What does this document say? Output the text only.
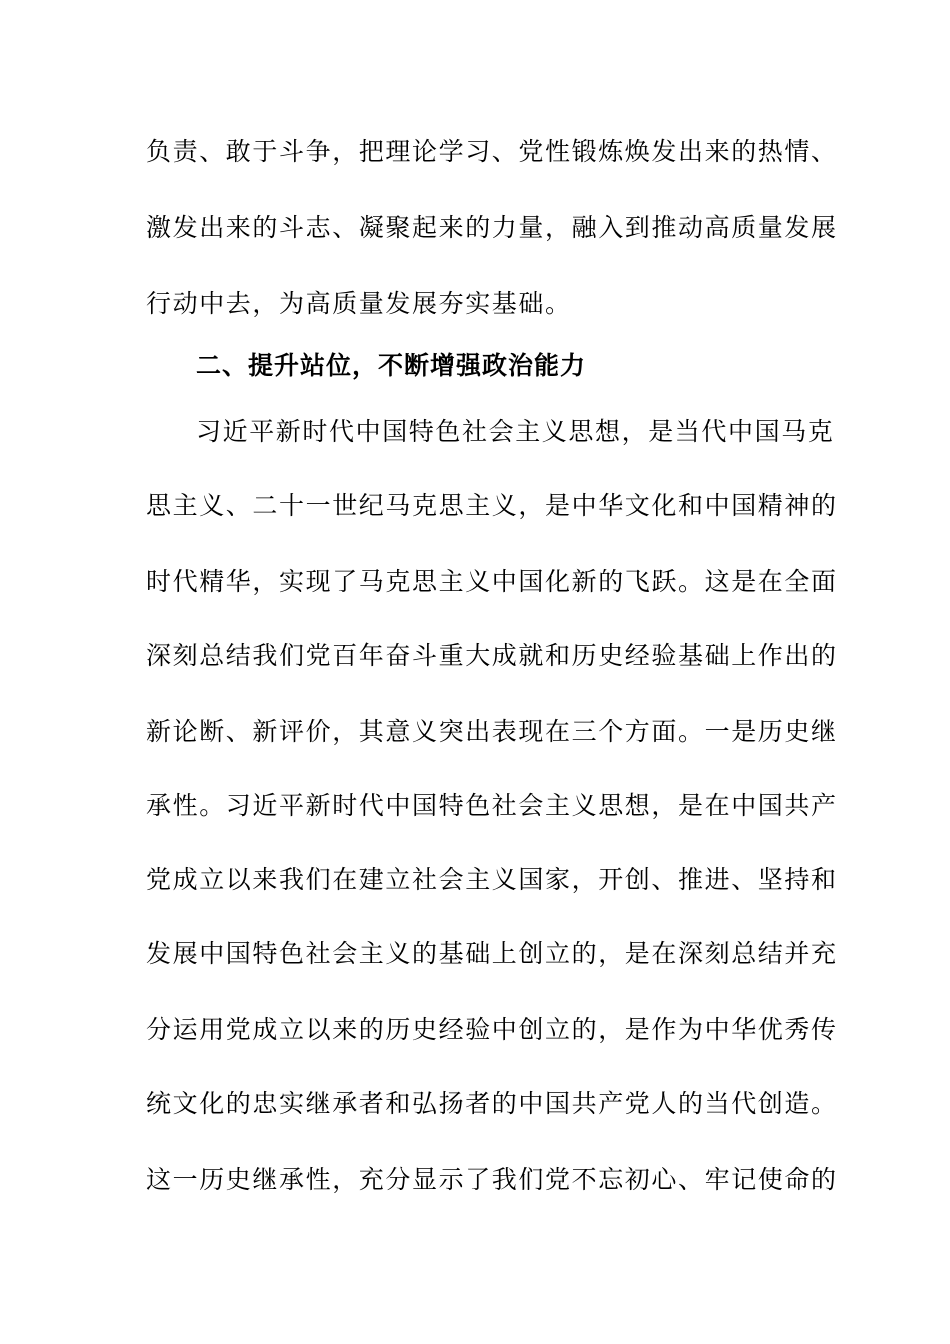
负责、敢于斗争，把理论学习、党性锻炼焕发出来的热情、
激发出来的斗志、凝聚起来的力量，融入到推动高质量发展
行动中去，为高质量发展夯实基础。
二、提升站位，不断增强政治能力
习近平新时代中国特色社会主义思想，是当代中国马克
思主义、二十一世纪马克思主义，是中华文化和中国精神的
时代精华，实现了马克思主义中国化新的飞跃。这是在全面
深刻总结我们党百年奋斗重大成就和历史经验基础上作出的
新论断、新评价，其意义突出表现在三个方面。一是历史继
承性。习近平新时代中国特色社会主义思想，是在中国共产
党成立以来我们在建立社会主义国家，开创、推进、坚持和
发展中国特色社会主义的基础上创立的，是在深刻总结并充
分运用党成立以来的历史经验中创立的，是作为中华优秀传
统文化的忠实继承者和弘扬者的中国共产党人的当代创造。
这一历史继承性，充分显示了我们党不忘初心、牢记使命的
